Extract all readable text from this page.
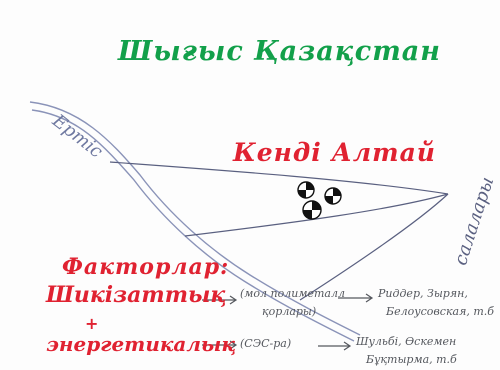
Шығыс Қазақстан
Ертіс	Кенді Алтай
салалары
Факторлар:
Шикізаттық
+
энергетикалық
(мол полиметалл
қорлары)
Риддер, Зырян,
Белоусовская, т.б
(СЭС-ра)	Шульбі, Өскемен
Бұқтырма, т.б
